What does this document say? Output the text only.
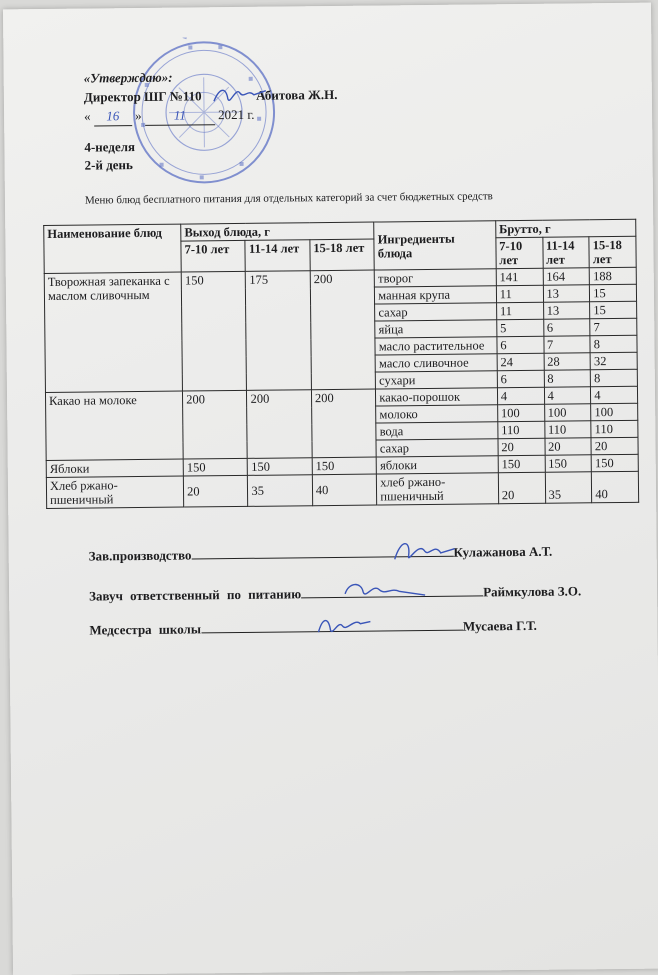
«Утверждаю»:
Директор ШГ №110	Абитова Ж.Н.
« 16 » 11 2021 г.
4-неделя
2-й день
Меню блюд бесплатного питания для отдельных категорий за счет бюджетных средств
Наименование блюд	Выход блюда, г			Ингредиенты блюда	Брутто, г		
	7-10 лет	11-14 лет	15-18 лет		7-10 лет	11-14 лет	15-18 лет
Творожная запеканка с маслом сливочным	150	175	200	творог	141	164	188
				манная крупа	11	13	15
				сахар	11	13	15
				яйца	5	6	7
				масло растительное	6	7	8
				масло сливочное	24	28	32
				сухари	6	8	8
Какао на молоке	200	200	200	какао-порошок	4	4	4
				молоко	100	100	100
				вода	110	110	110
				сахар	20	20	20
Яблоки	150	150	150	яблоки	150	150	150
Хлеб ржано-пшеничный	20	35	40	хлеб ржано-пшеничный	20	35	40
Зав.производство	Кулажанова А.Т.
Завуч ответственный по питанию	Раймкулова З.О.
Медсестра школы	Мусаева Г.Т.
